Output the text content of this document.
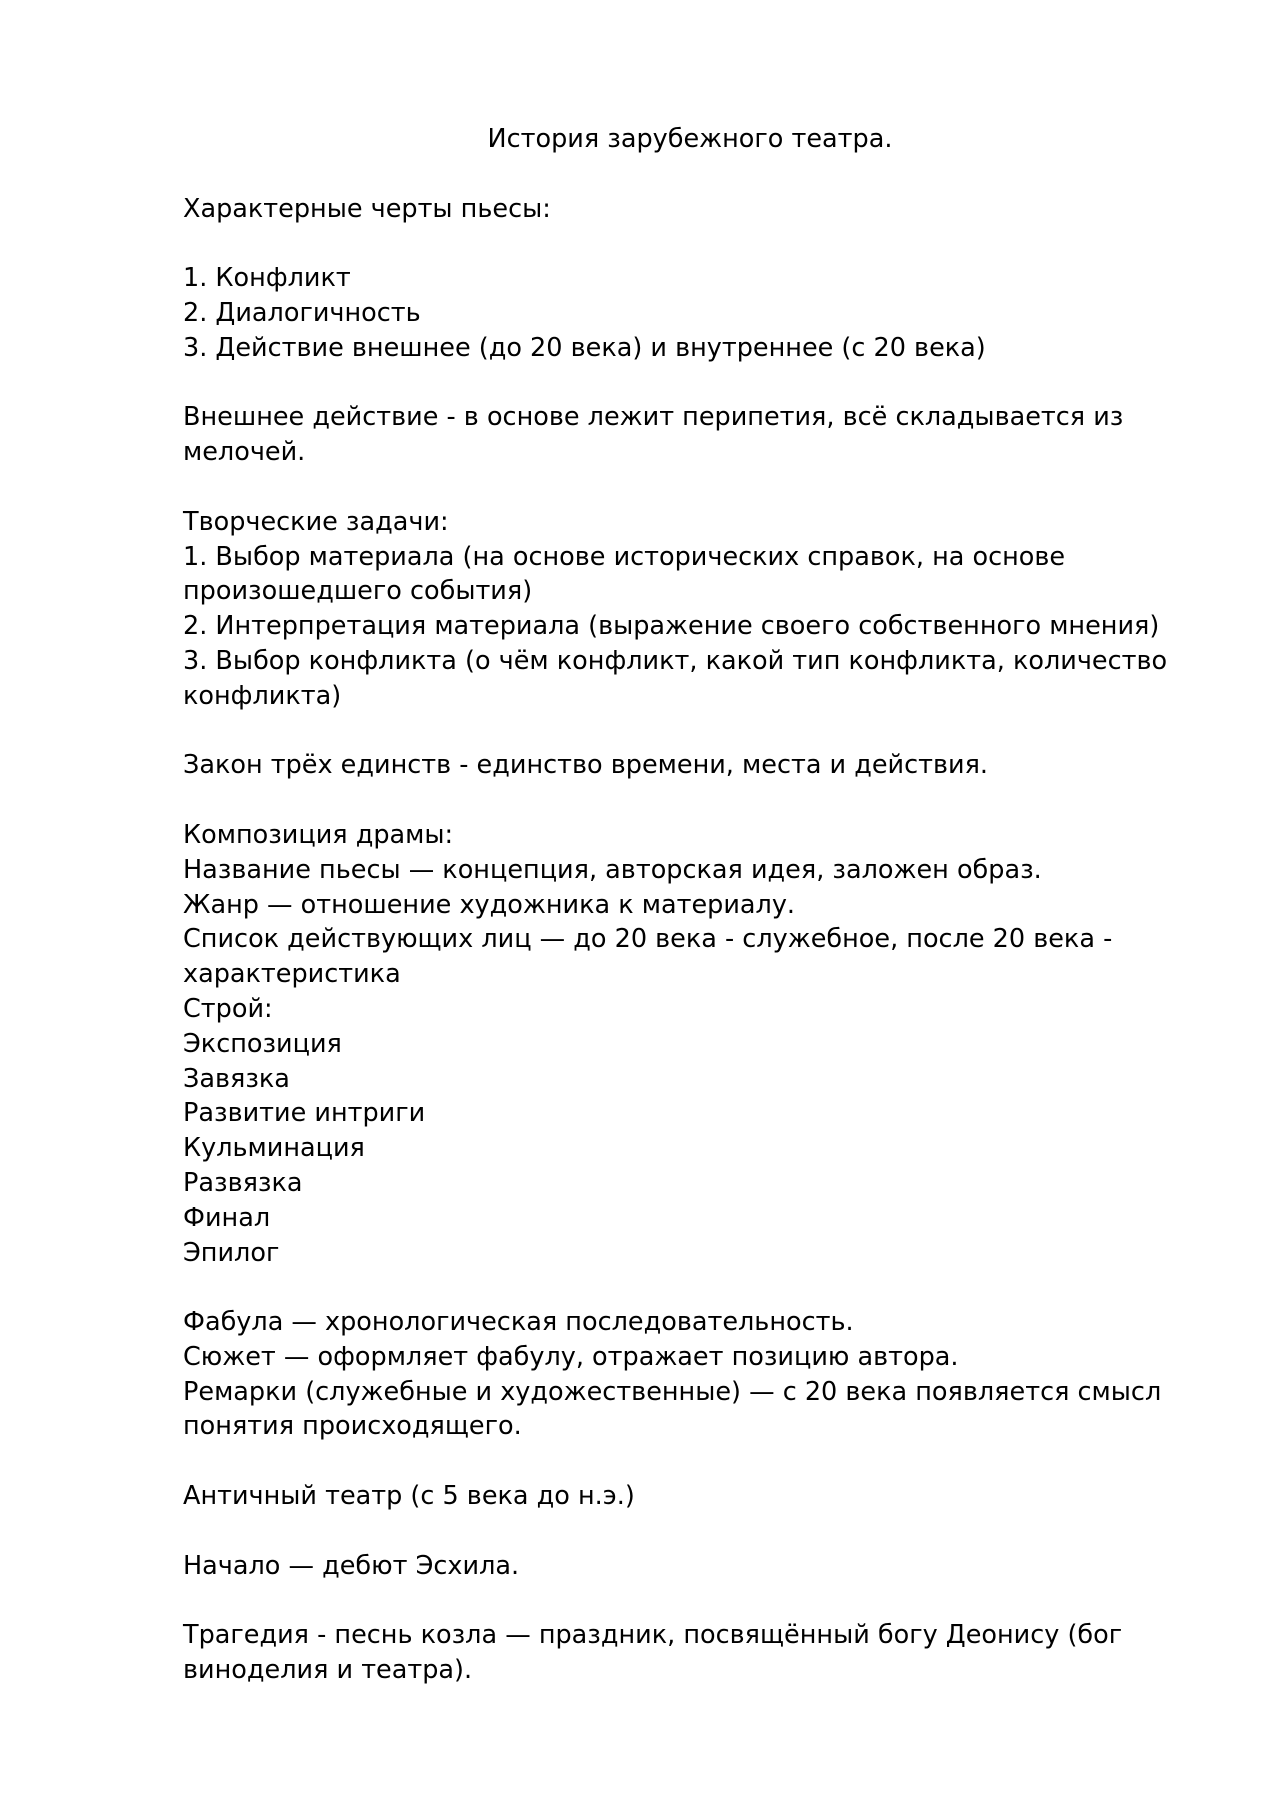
История зарубежного театра.
Характерные черты пьесы:
1. Конфликт
2. Диалогичность
3. Действие внешнее (до 20 века) и внутреннее (с 20 века)
Внешнее действие - в основе лежит перипетия, всё складывается из
мелочей.
Творческие задачи:
1. Выбор материала (на основе исторических справок, на основе
произошедшего события)
2. Интерпретация материала (выражение своего собственного мнения)
3. Выбор конфликта (о чём конфликт, какой тип конфликта, количество
конфликта)
Закон трёх единств - единство времени, места и действия.
Композиция драмы:
Название пьесы — концепция, авторская идея, заложен образ.
Жанр — отношение художника к материалу.
Список действующих лиц — до 20 века - служебное, после 20 века -
характеристика
Строй:
Экспозиция
Завязка
Развитие интриги
Кульминация
Развязка
Финал
Эпилог
Фабула — хронологическая последовательность.
Сюжет — оформляет фабулу, отражает позицию автора.
Ремарки (служебные и художественные) — с 20 века появляется смысл
понятия происходящего.
Античный театр (с 5 века до н.э.)
Начало — дебют Эсхила.
Трагедия - песнь козла — праздник, посвящённый богу Деонису (бог
виноделия и театра).
